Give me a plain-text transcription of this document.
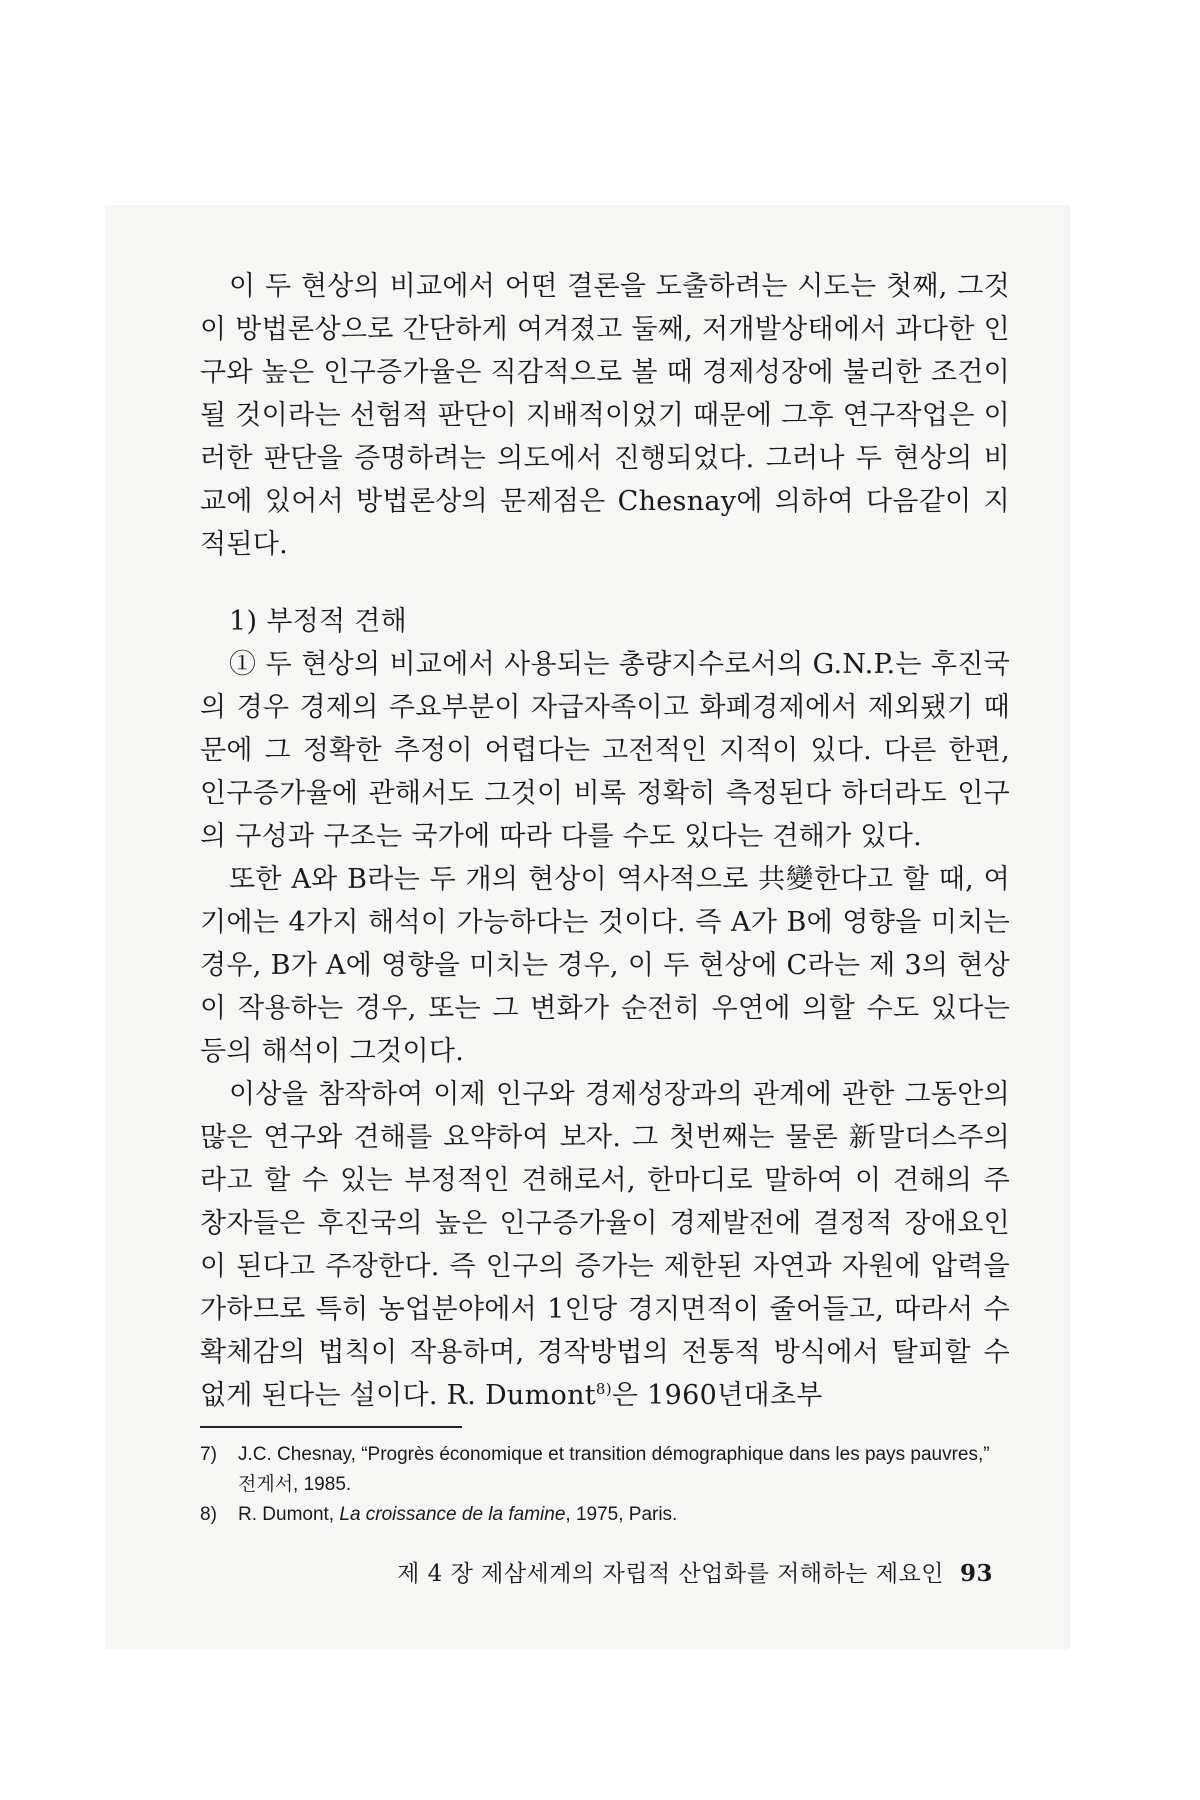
이 두 현상의 비교에서 어떤 결론을 도출하려는 시도는 첫째, 그것이 방법론상으로 간단하게 여겨졌고 둘째, 저개발상태에서 과다한 인구와 높은 인구증가율은 직감적으로 볼 때 경제성장에 불리한 조건이 될 것이라는 선험적 판단이 지배적이었기 때문에 그후 연구작업은 이러한 판단을 증명하려는 의도에서 진행되었다. 그러나 두 현상의 비교에 있어서 방법론상의 문제점은 Chesnay에 의하여 다음같이 지적된다.

1) 부정적 견해

① 두 현상의 비교에서 사용되는 총량지수로서의 G.N.P.는 후진국의 경우 경제의 주요부분이 자급자족이고 화폐경제에서 제외됐기 때문에 그 정확한 추정이 어렵다는 고전적인 지적이 있다. 다른 한편, 인구증가율에 관해서도 그것이 비록 정확히 측정된다 하더라도 인구의 구성과 구조는 국가에 따라 다를 수도 있다는 견해가 있다.

또한 A와 B라는 두 개의 현상이 역사적으로 共變한다고 할 때, 여기에는 4가지 해석이 가능하다는 것이다. 즉 A가 B에 영향을 미치는 경우, B가 A에 영향을 미치는 경우, 이 두 현상에 C라는 제 3의 현상이 작용하는 경우, 또는 그 변화가 순전히 우연에 의할 수도 있다는 등의 해석이 그것이다.

이상을 참작하여 이제 인구와 경제성장과의 관계에 관한 그동안의 많은 연구와 견해를 요약하여 보자. 그 첫번째는 물론 新말더스주의라고 할 수 있는 부정적인 견해로서, 한마디로 말하여 이 견해의 주창자들은 후진국의 높은 인구증가율이 경제발전에 결정적 장애요인이 된다고 주장한다. 즉 인구의 증가는 제한된 자연과 자원에 압력을 가하므로 특히 농업분야에서 1인당 경지면적이 줄어들고, 따라서 수확체감의 법칙이 작용하며, 경작방법의 전통적 방식에서 탈피할 수 없게 된다는 설이다. R. Dumont$^{8)}$은 1960년대초부

7) J.C. Chesnay, “Progrès économique et transition démographique dans les pays pauvres,” 전게서, 1985.

8) R. Dumont, La croissance de la famine, 1975, Paris.

제 4 장 제삼세계의 자립적 산업화를 저해하는 제요인 93
